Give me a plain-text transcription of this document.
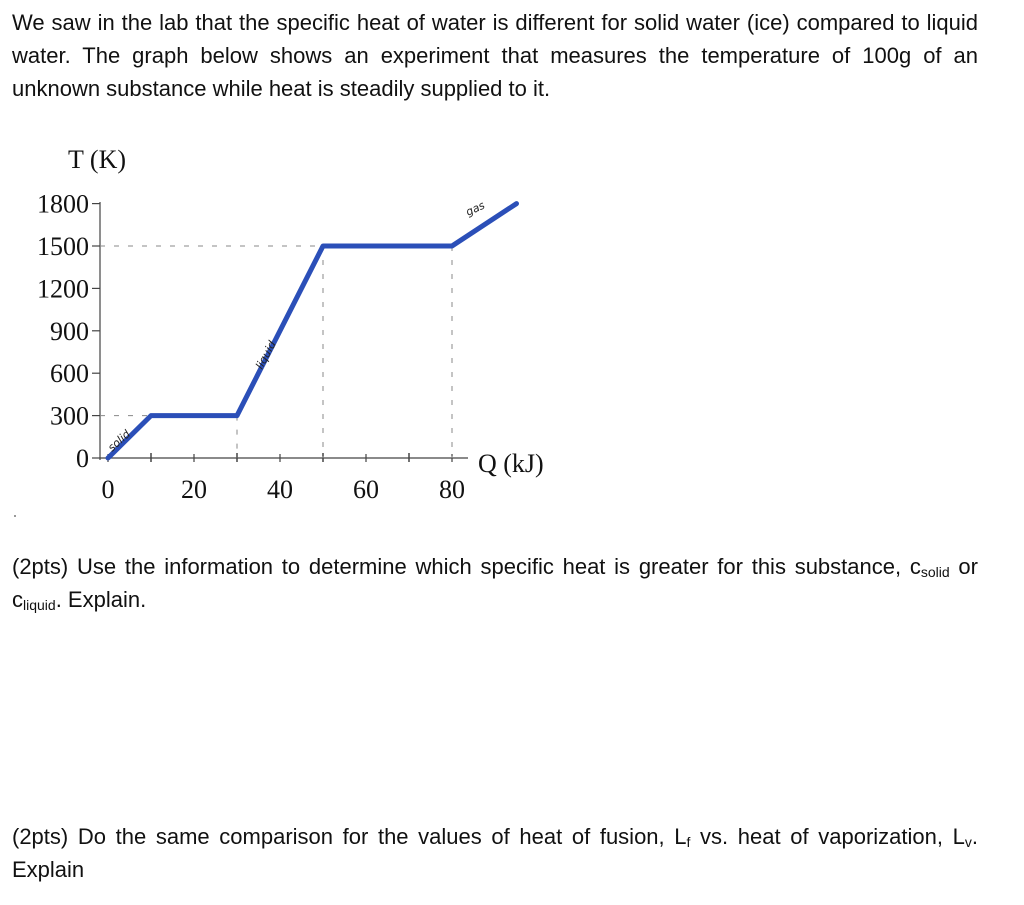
We saw in the lab that the specific heat of water is different for solid water (ice) compared to liquid water. The graph below shows an experiment that measures the temperature of 100g of an unknown substance while heat is steadily supplied to it.
T (K)
0
300
600
900
1200
1500
1800
0	20 40 60 80
Q (kJ)
solid
liquid
gas
(2pts) Use the information to determine which specific heat is greater for this substance, $c_{solid}$ or $c_{liquid}$. Explain.
(2pts) Do the same comparison for the values of heat of fusion, $L_f$ vs. heat of vaporization, $L_v$. Explain
